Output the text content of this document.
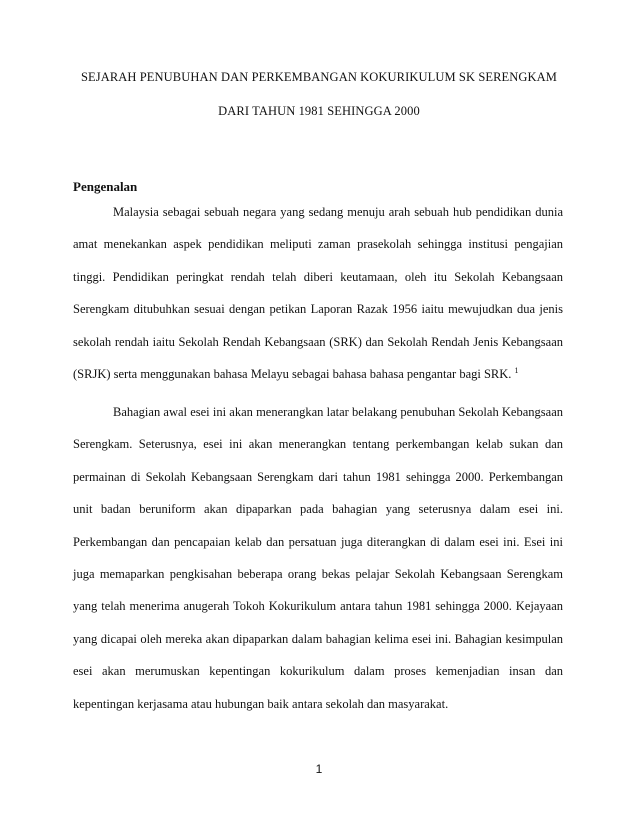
SEJARAH PENUBUHAN DAN PERKEMBANGAN KOKURIKULUM SK SERENGKAM
DARI TAHUN 1981 SEHINGGA 2000
Pengenalan

Malaysia sebagai sebuah negara yang sedang menuju arah sebuah hub pendidikan dunia amat menekankan aspek pendidikan meliputi zaman prasekolah sehingga institusi pengajian tinggi. Pendidikan peringkat rendah telah diberi keutamaan, oleh itu Sekolah Kebangsaan Serengkam ditubuhkan sesuai dengan petikan Laporan Razak 1956 iaitu mewujudkan dua jenis sekolah rendah iaitu Sekolah Rendah Kebangsaan (SRK) dan Sekolah Rendah Jenis Kebangsaan (SRJK) serta menggunakan bahasa Melayu sebagai bahasa bahasa pengantar bagi SRK. $^1$

Bahagian awal esei ini akan menerangkan latar belakang penubuhan Sekolah Kebangsaan Serengkam. Seterusnya, esei ini akan menerangkan tentang perkembangan kelab sukan dan permainan di Sekolah Kebangsaan Serengkam dari tahun 1981 sehingga 2000. Perkembangan unit badan beruniform akan dipaparkan pada bahagian yang seterusnya dalam esei ini. Perkembangan dan pencapaian kelab dan persatuan juga diterangkan di dalam esei ini. Esei ini juga memaparkan pengkisahan beberapa orang bekas pelajar Sekolah Kebangsaan Serengkam yang telah menerima anugerah Tokoh Kokurikulum antara tahun 1981 sehingga 2000. Kejayaan yang dicapai oleh mereka akan dipaparkan dalam bahagian kelima esei ini. Bahagian kesimpulan esei akan merumuskan kepentingan kokurikulum dalam proses kemenjadian insan dan kepentingan kerjasama atau hubungan baik antara sekolah dan masyarakat.

1
